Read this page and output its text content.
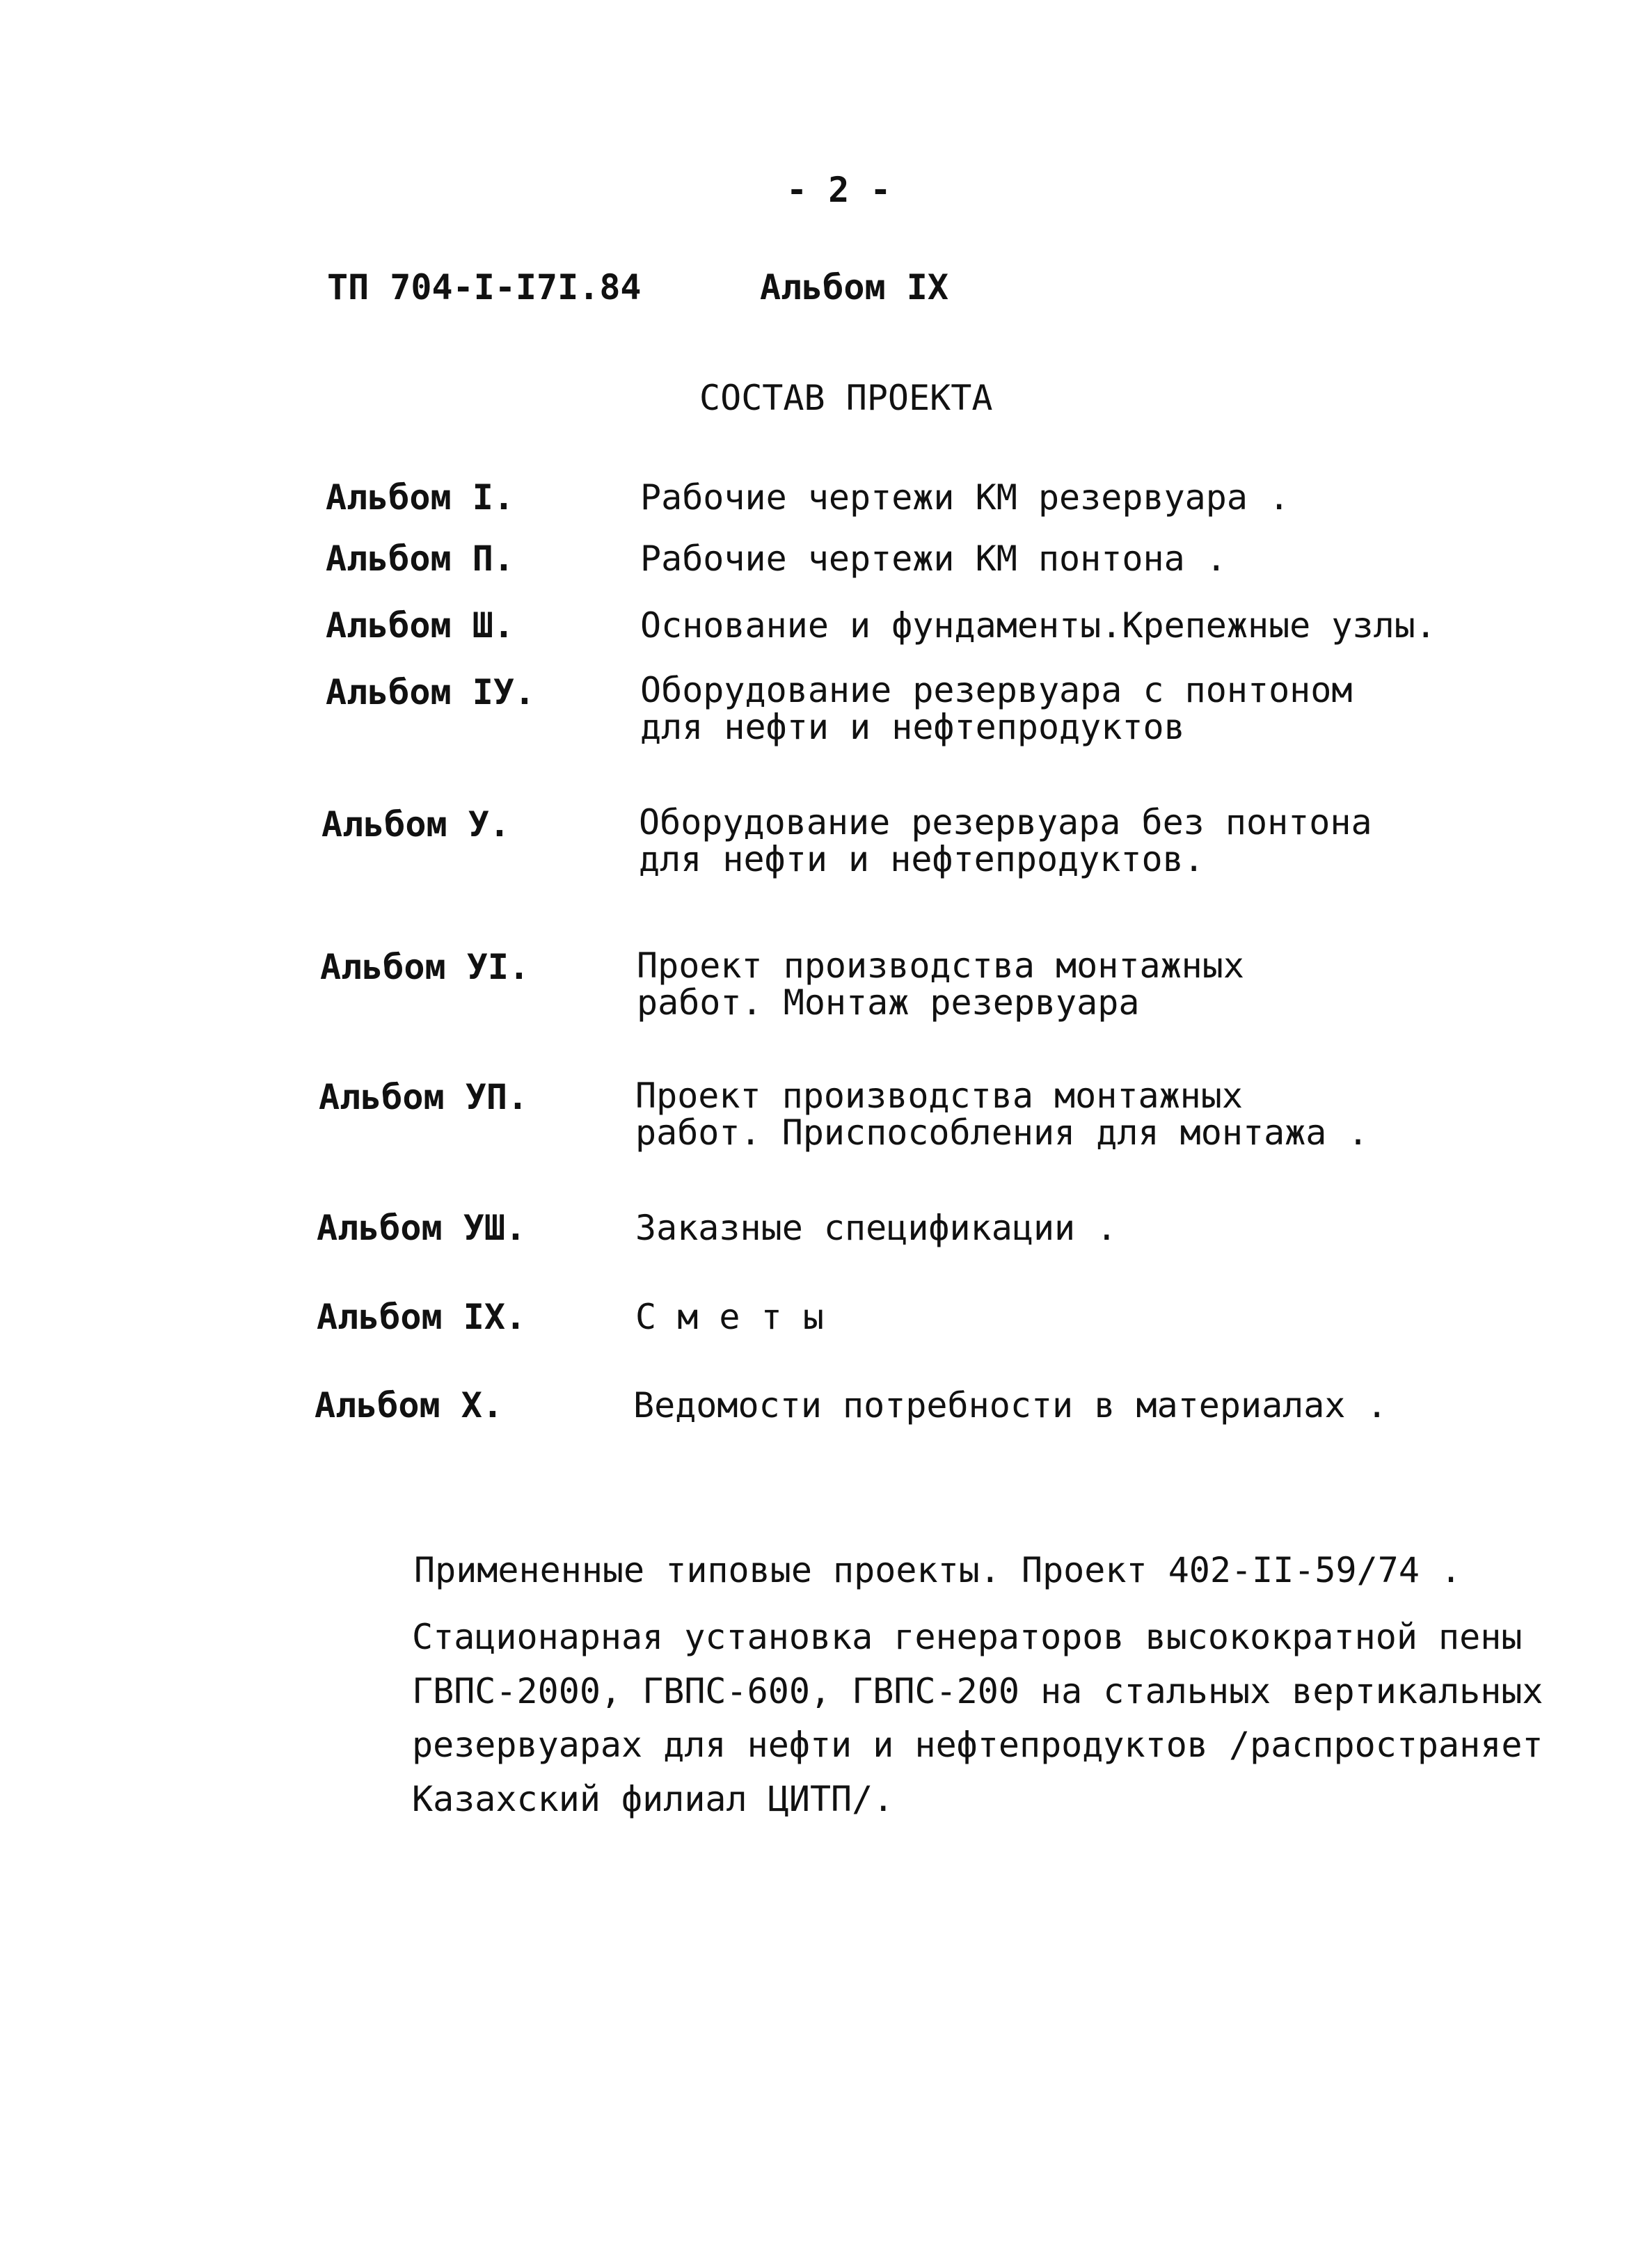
- 2 -
ТП 704-I-I7I.84	Альбом IX
СОСТАВ ПРОЕКТА
Альбом I.	Рабочие чертежи КМ резервуара .
Альбом П.	Рабочие чертежи КМ понтона .
Альбом Ш.	Основание и фундаменты.Крепежные узлы.
Альбом IУ.	Оборудование резервуара с понтоном
для нефти и нефтепродуктов
Альбом У.	Оборудование резервуара без понтона
для нефти и нефтепродуктов.
Альбом УI.	Проект производства монтажных
работ. Монтаж резервуара
Альбом УП.	Проект производства монтажных
работ. Приспособления для монтажа .
Альбом УШ.	Заказные спецификации .
Альбом IX.	С м е т ы
Альбом X.	Ведомости потребности в материалах .
Примененные типовые проекты. Проект 402-II-59/74 .
Стационарная установка генераторов высокократной пены
ГВПС-2000, ГВПС-600, ГВПС-200 на стальных вертикальных
резервуарах для нефти и нефтепродуктов /распространяет
Казахский филиал ЦИТП/.
